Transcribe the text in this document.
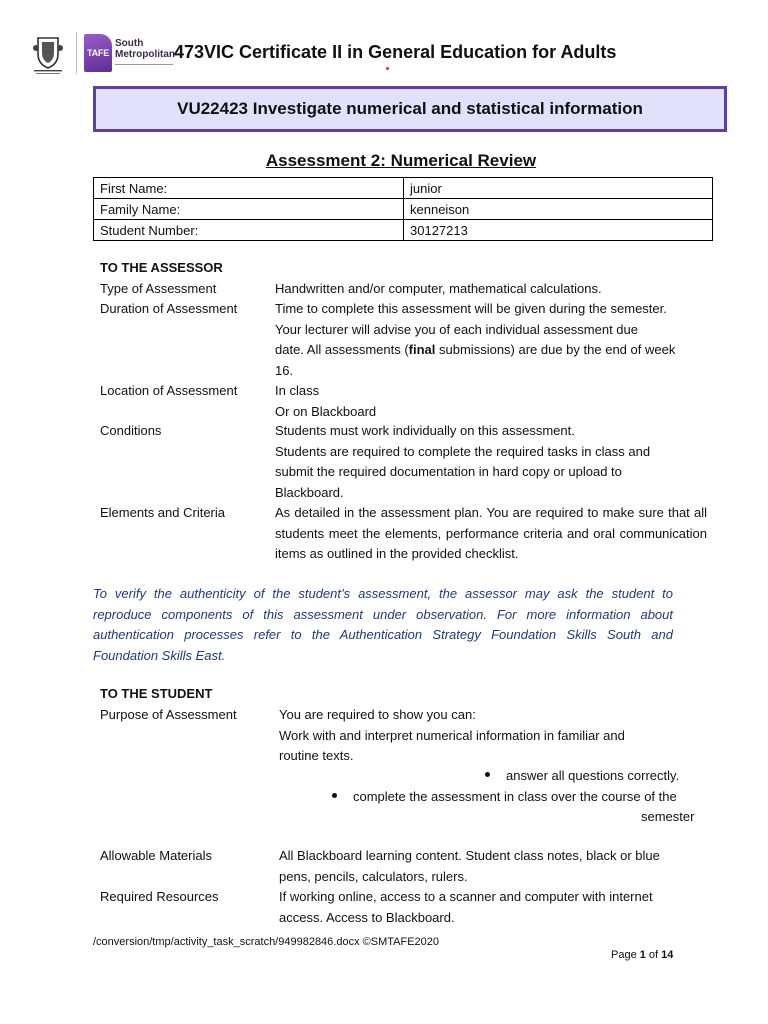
TAFE
South
Metropolitan 473VIC Certificate II in General Education for Adults
VU22423 Investigate numerical and statistical information
Assessment 2: Numerical Review
First Name:	junior
Family Name:	kenneison
Student Number:	30127213
TO THE ASSESSOR
Type of Assessment	Handwritten and/or computer, mathematical calculations.
Duration of Assessment	Time to complete this assessment will be given during the semester.
Your lecturer will advise you of each individual assessment due
date. All assessments (final submissions) are due by the end of week
16.
Location of Assessment	In class
Or on Blackboard
Conditions	Students must work individually on this assessment.
Students are required to complete the required tasks in class and
submit the required documentation in hard copy or upload to
Blackboard.
Elements and Criteria	As detailed in the assessment plan. You are required to make sure that all students meet the elements, performance criteria and oral communication items as outlined in the provided checklist.
To verify the authenticity of the student’s assessment, the assessor may ask the student to reproduce components of this assessment under observation. For more information about authentication processes refer to the Authentication Strategy Foundation Skills South and Foundation Skills East.
TO THE STUDENT
Purpose of Assessment	You are required to show you can:
Work with and interpret numerical information in familiar and
routine texts.
answer all questions correctly.
complete the assessment in class over the course of the
semester
Allowable Materials	All Blackboard learning content. Student class notes, black or blue
pens, pencils, calculators, rulers.
Required Resources	If working online, access to a scanner and computer with internet
access. Access to Blackboard.
/conversion/tmp/activity_task_scratch/949982846.docx ©SMTAFE2020
Page 1 of 14
